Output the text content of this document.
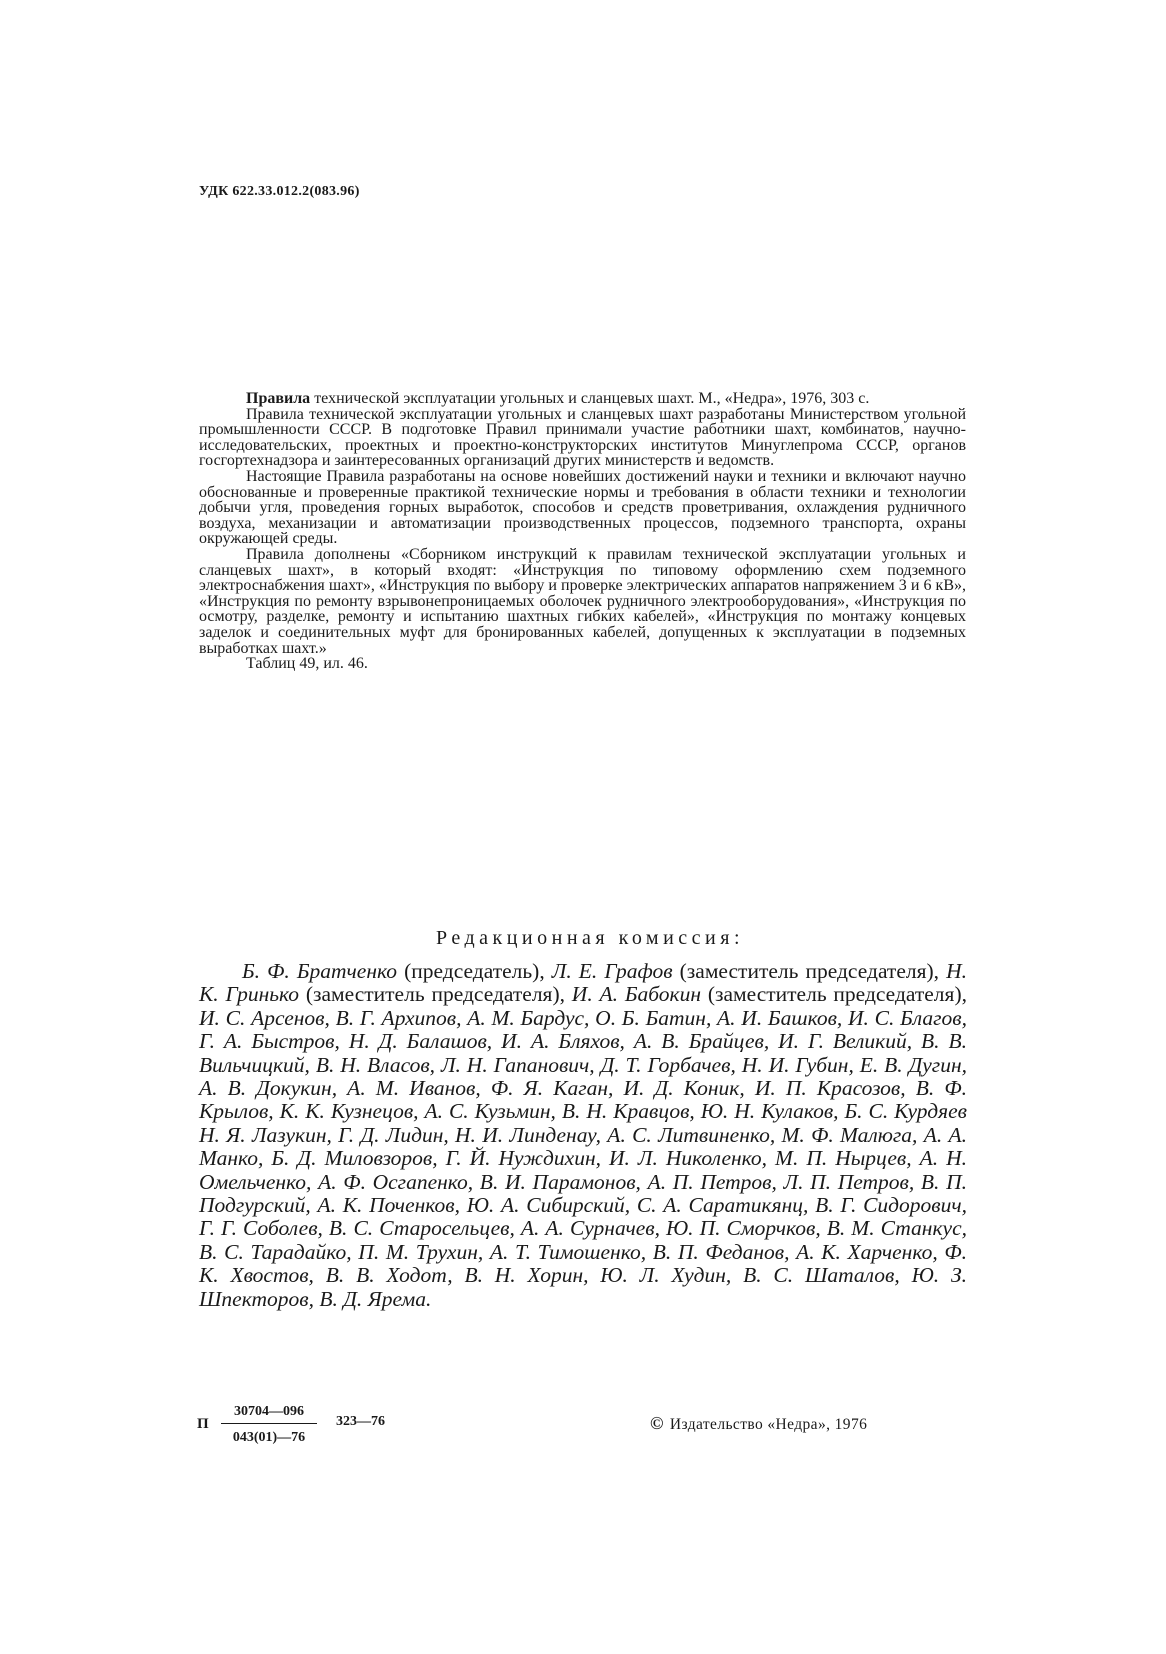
УДК 622.33.012.2(083.96)

Правила технической эксплуатации угольных и сланцевых шахт. М., «Недра», 1976, 303 с.

Правила технической эксплуатации угольных и сланцевых шахт разработаны Министерством угольной промышленности СССР. В подготовке Правил принимали участие работники шахт, комбинатов, научно-исследовательских, проектных и проектно-конструкторских институтов Минуглепрома СССР, органов госгортехнадзора и заинтересованных организаций других министерств и ведомств.

Настоящие Правила разработаны на основе новейших достижений науки и техники и включают научно обоснованные и проверенные практикой технические нормы и требования в области техники и технологии добычи угля, проведения горных выработок, способов и средств проветривания, охлаждения рудничного воздуха, механизации и автоматизации производственных процессов, подземного транспорта, охраны окружающей среды.

Правила дополнены «Сборником инструкций к правилам технической эксплуатации угольных и сланцевых шахт», в который входят: «Инструкция по типовому оформлению схем подземного электроснабжения шахт», «Инструкция по выбору и проверке электрических аппаратов напряжением 3 и 6 кВ», «Инструкция по ремонту взрывонепроницаемых оболочек рудничного электрооборудования», «Инструкция по осмотру, разделке, ремонту и испытанию шахтных гибких кабелей», «Инструкция по монтажу концевых заделок и соединительных муфт для бронированных кабелей, допущенных к эксплуатации в подземных выработках шахт.»

Таблиц 49, ил. 46.

Редакционная комиссия:

Б. Ф. Братченко (председатель), Л. Е. Графов (заместитель председателя), Н. К. Гринько (заместитель председателя), И. А. Бабокин (заместитель председателя), И. С. Арсенов, В. Г. Архипов, А. М. Бардус, О. Б. Батин, А. И. Башков, И. С. Благов, Г. А. Быстров, Н. Д. Балашов, И. А. Бляхов, А. В. Брайцев, И. Г. Великий, В. В. Вильчицкий, В. Н. Власов, Л. Н. Гапанович, Д. Т. Горбачев, Н. И. Губин, Е. В. Дугин, А. В. Докукин, А. М. Иванов, Ф. Я. Каган, И. Д. Коник, И. П. Красозов, В. Ф. Крылов, К. К. Кузнецов, А. С. Кузьмин, В. Н. Кравцов, Ю. Н. Кулаков, Б. С. Курдяев Н. Я. Лазукин, Г. Д. Лидин, Н. И. Линденау, А. С. Литвиненко, М. Ф. Малюга, А. А. Манко, Б. Д. Миловзоров, Г. Й. Нуждихин, И. Л. Николенко, М. П. Нырцев, А. Н. Омельченко, А. Ф. Осгапенко, В. И. Парамонов, А. П. Петров, Л. П. Петров, В. П. Подгурский, А. К. Поченков, Ю. А. Сибирский, С. А. Саратикянц, В. Г. Сидорович, Г. Г. Соболев, В. С. Старосельцев, А. А. Сурначев, Ю. П. Сморчков, В. М. Станкус, В. С. Тарадайко, П. М. Трухин, А. Т. Тимошенко, В. П. Феданов, А. К. Харченко, Ф. К. Хвостов, В. В. Ходот, В. Н. Хорин, Ю. Л. Худин, В. С. Шаталов, Ю. З. Шпекторов, В. Д. Ярема.

П $\frac{30704—096}{043(01)—76}$ 323—76	© Издательство «Недра», 1976
